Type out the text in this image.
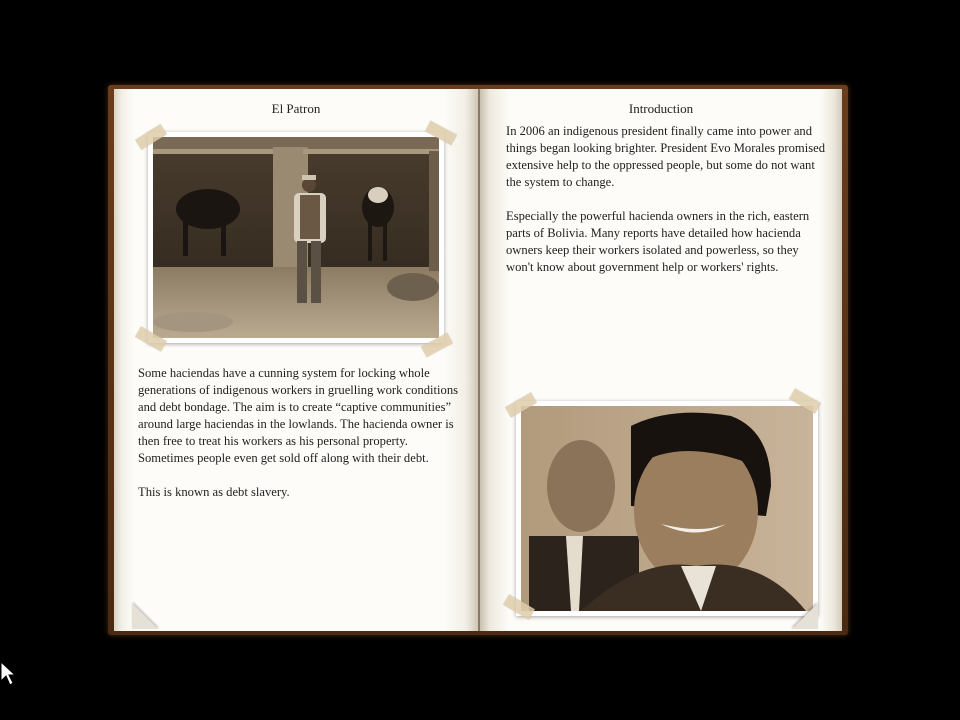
El Patron

Some haciendas have a cunning system for locking whole generations of indigenous workers in gruelling work conditions and debt bondage. The aim is to create “captive communities” around large haciendas in the lowlands. The hacienda owner is then free to treat his workers as his personal property. Sometimes people even get sold off along with their debt.

This is known as debt slavery.

Introduction

In 2006 an indigenous president finally came into power and things began looking brighter. President Evo Morales promised extensive help to the oppressed people, but some do not want the system to change.

Especially the powerful hacienda owners in the rich, eastern parts of Bolivia. Many reports have detailed how hacienda owners keep their workers isolated and powerless, so they won't know about government help or workers' rights.
